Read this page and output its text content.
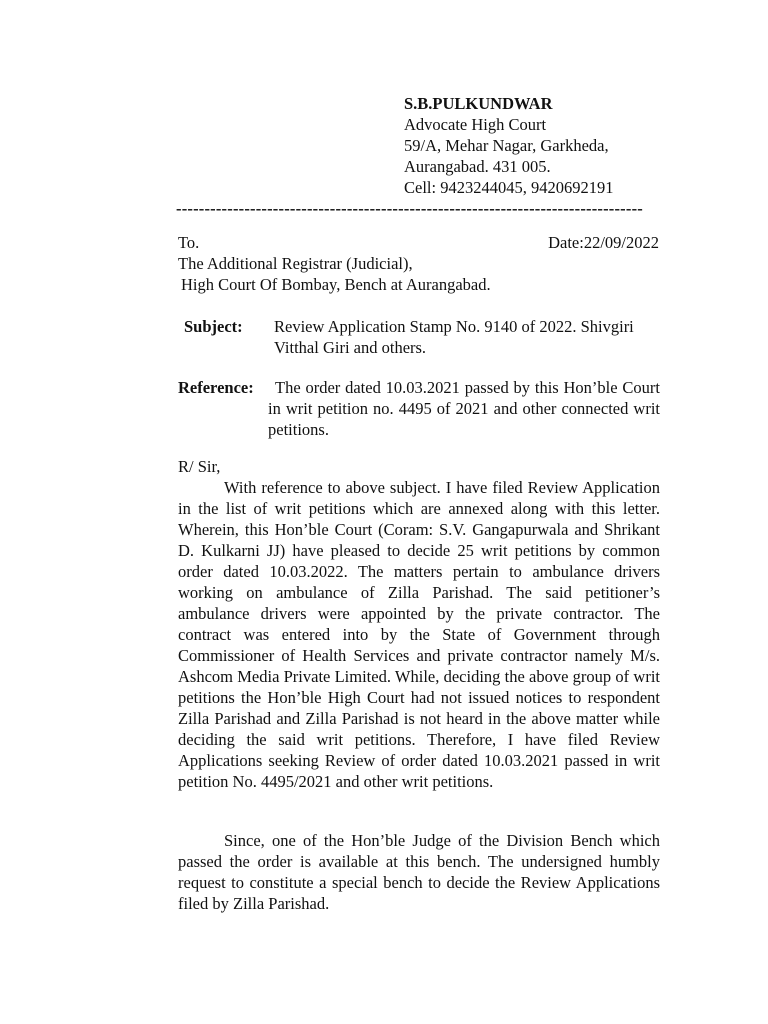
S.B.PULKUNDWAR
Advocate High Court
59/A, Mehar Nagar, Garkheda,
Aurangabad. 431 005.
Cell: 9423244045, 9420692191
----------------------------------------------------------------------------------
To.	Date:22/09/2022
The Additional Registrar (Judicial),
High Court Of Bombay, Bench at Aurangabad.
Subject: Review Application Stamp No. 9140 of 2022. Shivgiri Vitthal Giri and others.
Reference:	The order dated 10.03.2021 passed by this Hon’ble Court in writ petition no. 4495 of 2021 and other connected writ petitions.
R/ Sir,
With reference to above subject. I have filed Review Application in the list of writ petitions which are annexed along with this letter. Wherein, this Hon’ble Court (Coram: S.V. Gangapurwala and Shrikant D. Kulkarni JJ) have pleased to decide 25 writ petitions by common order dated 10.03.2022. The matters pertain to ambulance drivers working on ambulance of Zilla Parishad. The said petitioner’s ambulance drivers were appointed by the private contractor. The contract was entered into by the State of Government through Commissioner of Health Services and private contractor namely M/s. Ashcom Media Private Limited. While, deciding the above group of writ petitions the Hon’ble High Court had not issued notices to respondent Zilla Parishad and Zilla Parishad is not heard in the above matter while deciding the said writ petitions. Therefore, I have filed Review Applications seeking Review of order dated 10.03.2021 passed in writ petition No. 4495/2021 and other writ petitions.
Since, one of the Hon’ble Judge of the Division Bench which passed the order is available at this bench. The undersigned humbly request to constitute a special bench to decide the Review Applications filed by Zilla Parishad.
